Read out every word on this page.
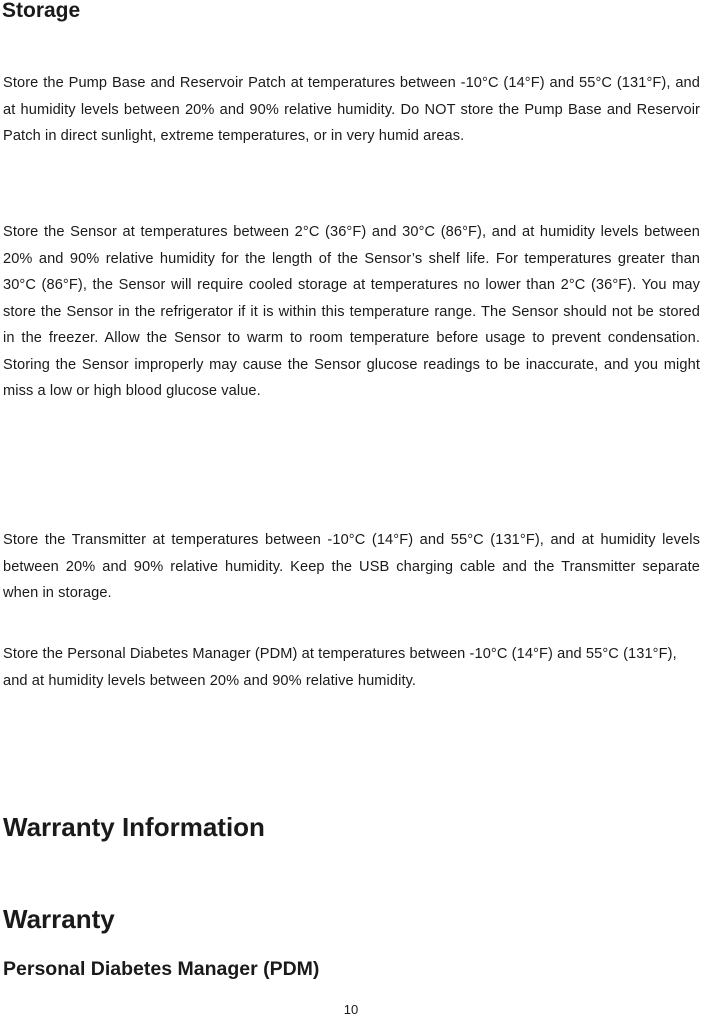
Storage

Store the Pump Base and Reservoir Patch at temperatures between -10°C (14°F) and 55°C (131°F), and at humidity levels between 20% and 90% relative humidity. Do NOT store the Pump Base and Reservoir Patch in direct sunlight, extreme temperatures, or in very humid areas.

Store the Sensor at temperatures between 2°C (36°F) and 30°C (86°F), and at humidity levels between 20% and 90% relative humidity for the length of the Sensor’s shelf life. For temperatures greater than 30°C (86°F), the Sensor will require cooled storage at temperatures no lower than 2°C (36°F). You may store the Sensor in the refrigerator if it is within this temperature range. The Sensor should not be stored in the freezer. Allow the Sensor to warm to room temperature before usage to prevent condensation. Storing the Sensor improperly may cause the Sensor glucose readings to be inaccurate, and you might miss a low or high blood glucose value.

Store the Transmitter at temperatures between -10°C (14°F) and 55°C (131°F), and at humidity levels between 20% and 90% relative humidity. Keep the USB charging cable and the Transmitter separate when in storage.

Store the Personal Diabetes Manager (PDM) at temperatures between -10°C (14°F) and 55°C (131°F), and at humidity levels between 20% and 90% relative humidity.

Warranty Information
Warranty
Personal Diabetes Manager (PDM)
10
